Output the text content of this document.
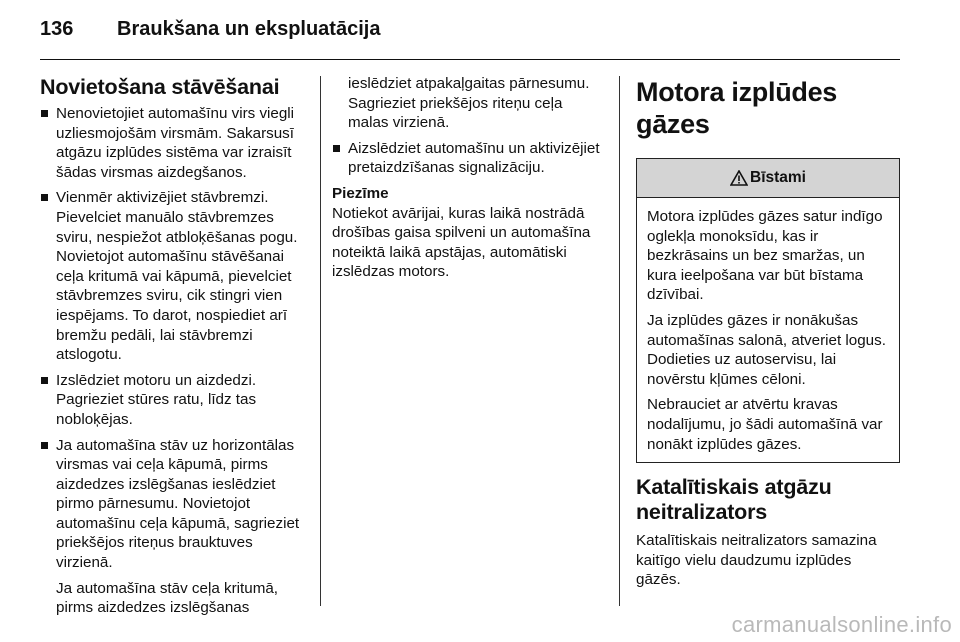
136	Braukšana un ekspluatācija
Novietošana stāvēšanai
Nenovietojiet automašīnu virs viegli uzliesmojošām virsmām. Sakarsusī atgāzu izplūdes sistēma var izraisīt šādas virsmas aizdegšanos.
Vienmēr aktivizējiet stāvbremzi. Pievelciet manuālo stāvbremzes sviru, nespiežot atbloķēšanas pogu. Novietojot automašīnu stāvēšanai ceļa kritumā vai kāpumā, pievelciet stāvbremzes sviru, cik stingri vien iespējams. To darot, nospiediet arī bremžu pedāli, lai stāvbremzi atslogotu.
Izslēdziet motoru un aizdedzi. Pagrieziet stūres ratu, līdz tas nobloķējas.
Ja automašīna stāv uz horizontālas virsmas vai ceļa kāpumā, pirms aizdedzes izslēgšanas ieslēdziet pirmo pārnesumu. Novietojot automašīnu ceļa kāpumā, sagrieziet priekšējos riteņus brauktuves virzienā.

Ja automašīna stāv ceļa kritumā, pirms aizdedzes izslēgšanas

ieslēdziet atpakaļgaitas pārnesumu. Sagrieziet priekšējos riteņu ceļa malas virzienā.

Aizslēdziet automašīnu un aktivizējiet pretaizdzīšanas signalizāciju.

Piezīme

Notiekot avārijai, kuras laikā nostrādā drošības gaisa spilveni un automašīna noteiktā laikā apstājas, automātiski izslēdzas motors.

Motora izplūdes gāzes
Bīstami

Motora izplūdes gāzes satur indīgo oglekļa monoksīdu, kas ir bezkrāsains un bez smaržas, un kura ieelpošana var būt bīstama dzīvībai.

Ja izplūdes gāzes ir nonākušas automašīnas salonā, atveriet logus. Dodieties uz autoservisu, lai novērstu kļūmes cēloni.

Nebrauciet ar atvērtu kravas nodalījumu, jo šādi automašīnā var nonākt izplūdes gāzes.

Katalītiskais atgāzu neitralizators

Katalītiskais neitralizators samazina kaitīgo vielu daudzumu izplūdes gāzēs.

carmanualsonline.info
